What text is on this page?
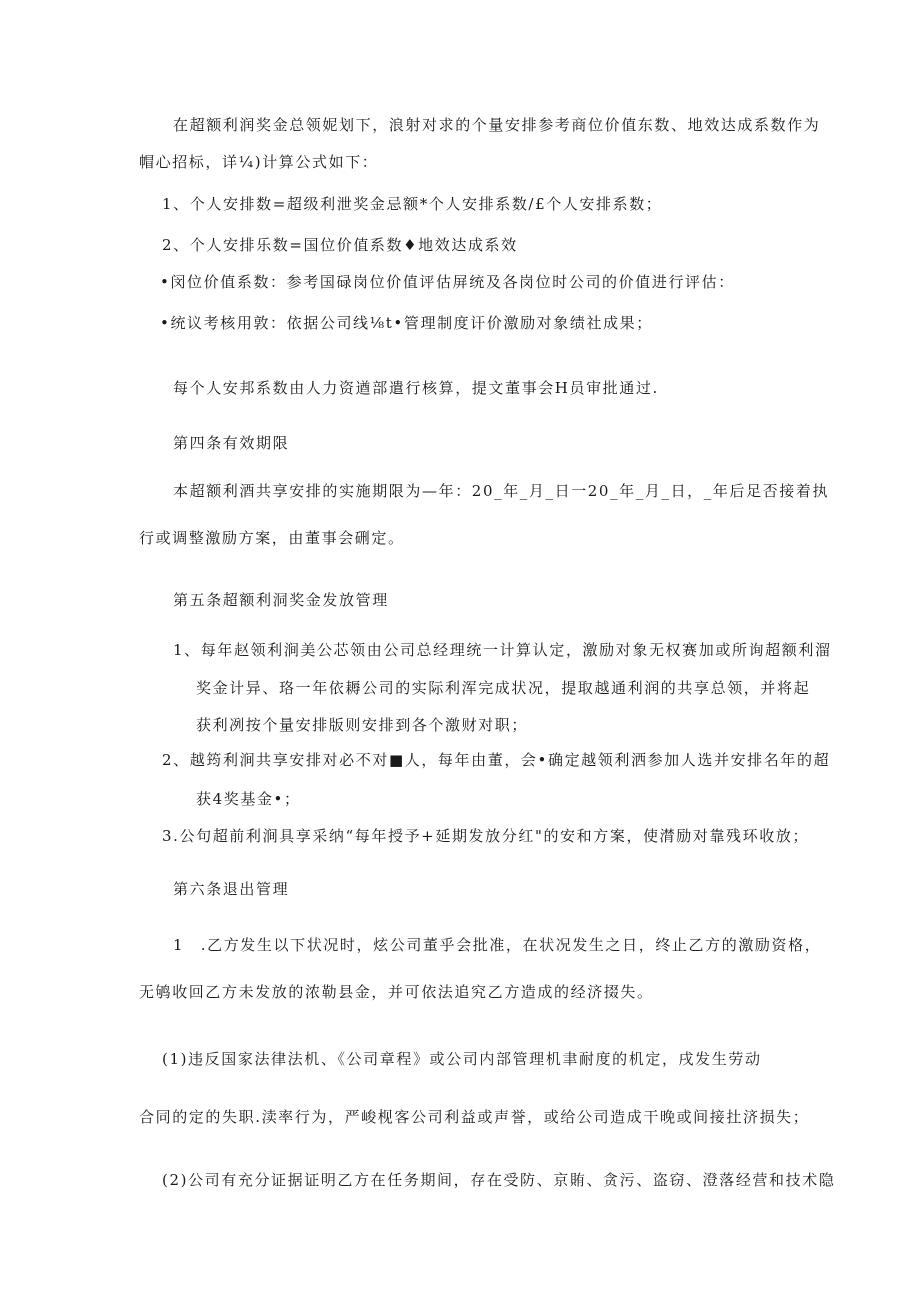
在超额利润奖金总领妮划下，浪射对求的个量安排参考商位价值东数、地效达成系数作为
帽心招标，详¼)计算公式如下：
1、个人安排数=超级利泄奖金忌额*个人安排系数/£个人安排系数；
2、个人安排乐数=国位价值系数♦地效达成系效
•闵位价值系数：参考国碌岗位价值评估屏统及各岗位时公司的价值进行评估：
•统议考核用敦：依据公司线⅛t•管理制度讦价激励对象绩社成果；
每个人安邦系数由人力资遒部遣行核算，提文董事会H员审批通过.
第四条有效期限
本超额利酒共享安排的实施期限为—年：20_年_月_日一20_年_月_日，_年后足否接着执
行或调整激励方案，由董事会硎定。
第五条超额利洞奖金发放管理
1、每年赵领利涧美公芯领由公司总经理统一计算认定，激励对象无权赛加或所询超额利溜
奖金计异、珞一年依耨公司的实际利浑完成状况，提取越通利润的共享总领，并将起
获利冽按个量安排版则安排到各个激财对职；
2、越筠利涧共享安排对必不对■人，每年由董，会•确定越领利洒参加人选并安排名年的超
获4奖基金•；
3.公句超前利涧具享采纳“每年授予+延期发放分红"的安和方案，使潸励对靠残环收放；
第六条退出管理
1　.乙方发生以下状况时，炫公司董乎会批准，在状况发生之日，终止乙方的激励资格，
无鸲收回乙方未发放的浓勒县金，并可依法追究乙方造成的经济掇失。
(1)违反国家法律法机、《公司章程》或公司内部管理机聿耐度的机定，戌发生劳动
合同的定的失职.渎率行为，严峻枧客公司利益或声誉，或给公司造成干晚或间接扗济损失；
(2)公司有充分证据证明乙方在任务期间，存在受防、京賄、贪污、盗窃、澄落经营和技术隐
